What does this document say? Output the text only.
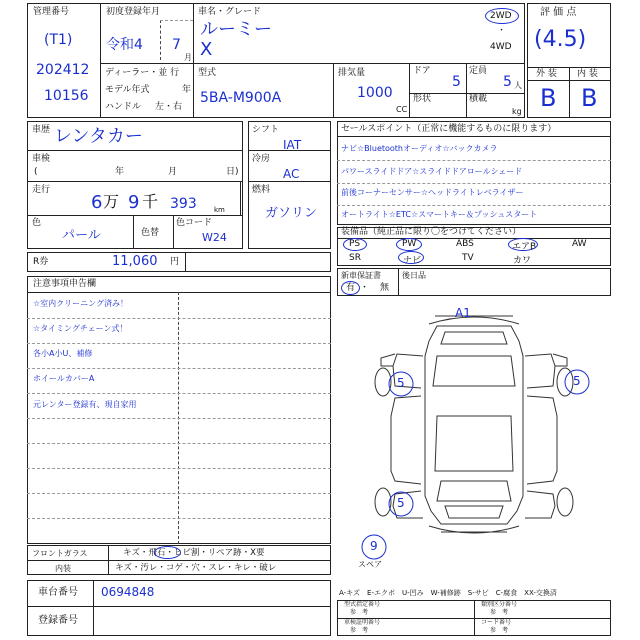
管理番号
(T1)
202412
10156
初度登録年月
令和4 7
月
ディーラー・並 行
モデル年式	年
ハンドル 左・右
車名・グレード
ルーミー
X
2WD
・
4WD
型式
5BA-M900A
排気量
1000
CC
ドア
5
定員
5 人
形状	積載
kg
評 価 点
(4.5)
外 装 内 装
B B
車歴 レンタカー
車検
(	年	月	日)
走行
6 万 9 千 393 km
色
パール	色替
色コード
W24
シフト
IAT
冷房
AC
燃料
ガソリン
R券	11,060 円
セールスポイント（正常に機能するものに限ります）
ナビ☆Bluetoothオーディオ☆バックカメラ
パワースライドドア☆スライドドアロールシェード
前後コーナーセンサー☆ヘッドライトレベライザー
オートライト☆ETC☆スマートキー＆プッシュスタート
装備品（純正品に限り〇をつけてください）
PS	PW	ABS	エアB	AW
SR	ナビ	TV	カワ
新車保証書
有 ・ 無
後日品
注意事項申告欄
☆室内クリーニング済み！
☆タイミングチェーン式！
各小A小U、補修
ホイールカバーA
元レンター登録有、現自家用
フロントガラス	キズ・飛石・ヒビ割・リペア跡・X要
内装	キズ・汚レ・コゲ・穴・スレ・キレ・破レ
車台番号 0694848
登録番号
A1
5	5
5
9
スペア
A-キズ　E-エクボ　U-凹み　W-補修跡　S-サビ　C-腐食　XX-交換済
型式指定番号
参　考
類別区分番号
参　考
車検証明番号
参　考
コード番号
参　考
